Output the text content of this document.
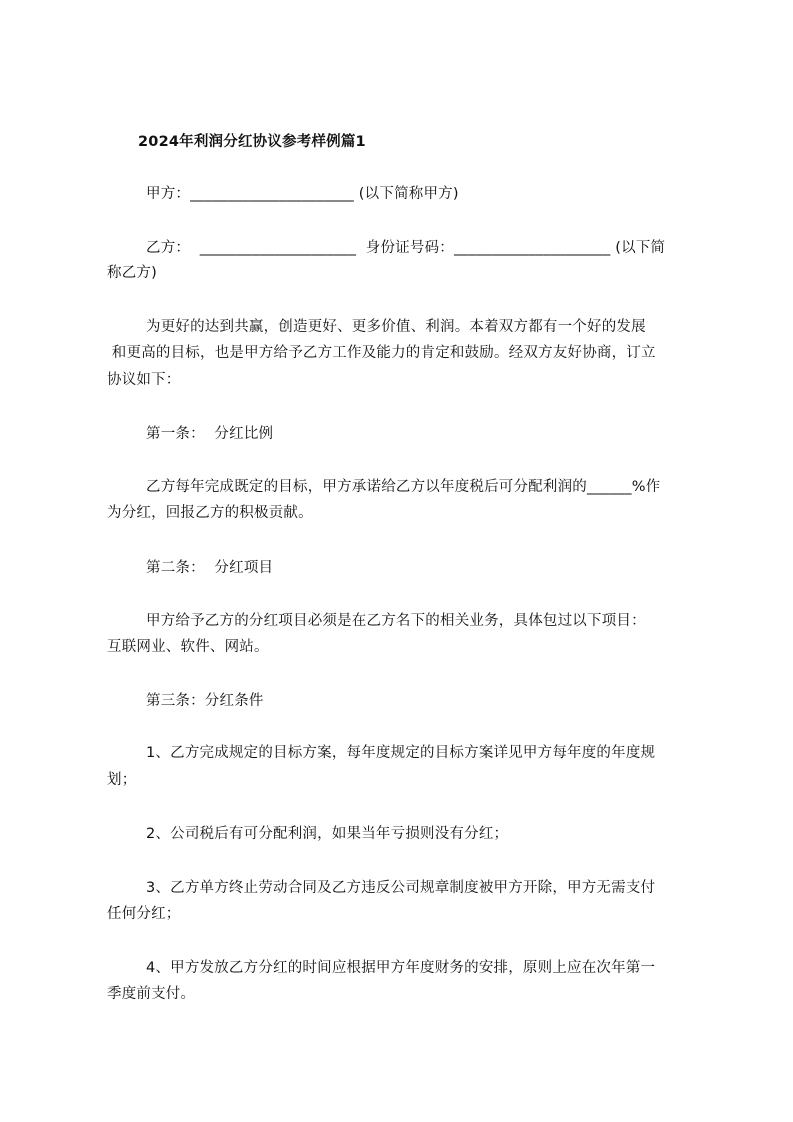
2024年利润分红协议参考样例篇1
甲方：______________________ (以下简称甲方)
乙方：  _____________________  身份证号码：_____________________ (以下简
称乙方)
为更好的达到共赢，创造更好、更多价值、利润。本着双方都有一个好的发展
和更高的目标，也是甲方给予乙方工作及能力的肯定和鼓励。经双方友好协商，订立
协议如下：
第一条：  分红比例
乙方每年完成既定的目标，甲方承诺给乙方以年度税后可分配利润的______%作
为分红，回报乙方的积极贡献。
第二条：  分红项目
甲方给予乙方的分红项目必须是在乙方名下的相关业务，具体包过以下项目：
互联网业、软件、网站。
第三条：分红条件
1、乙方完成规定的目标方案，每年度规定的目标方案详见甲方每年度的年度规
划；
2、公司税后有可分配利润，如果当年亏损则没有分红；
3、乙方单方终止劳动合同及乙方违反公司规章制度被甲方开除，甲方无需支付
任何分红；
4、甲方发放乙方分红的时间应根据甲方年度财务的安排，原则上应在次年第一
季度前支付。
